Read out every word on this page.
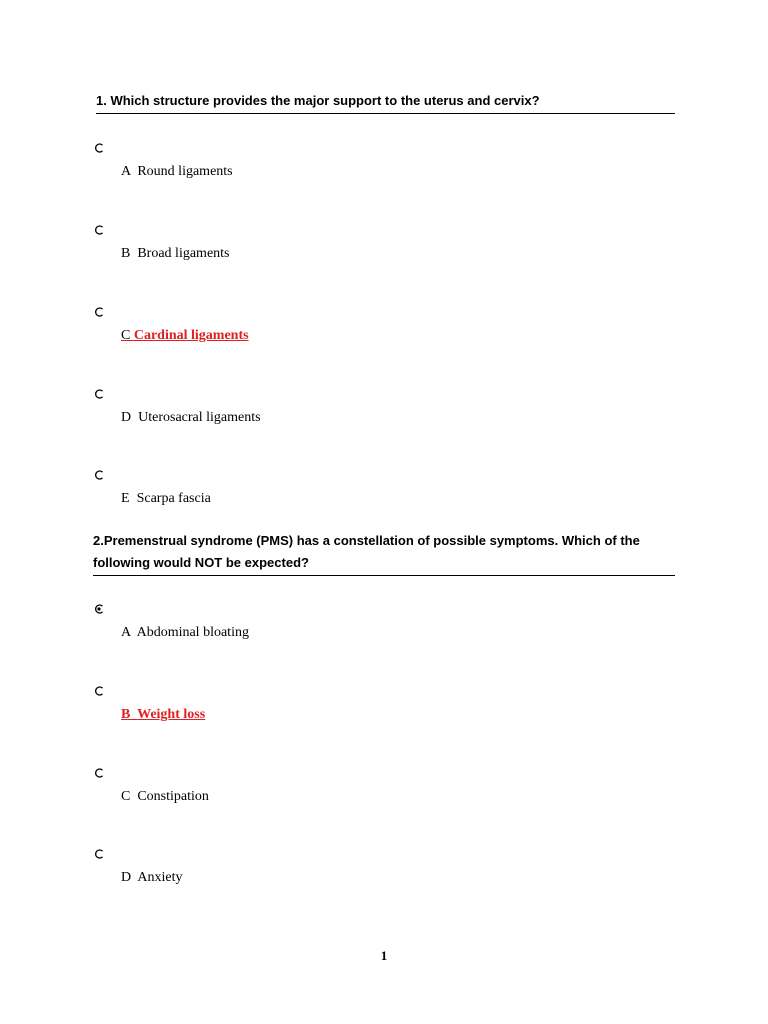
1. Which structure provides the major support to the uterus and cervix?
A Round ligaments
B Broad ligaments
C Cardinal ligaments
D Uterosacral ligaments
E Scarpa fascia
2.Premenstrual syndrome (PMS) has a constellation of possible symptoms. Which of the following would NOT be expected?
A Abdominal bloating
B Weight loss
C Constipation
D Anxiety
1
